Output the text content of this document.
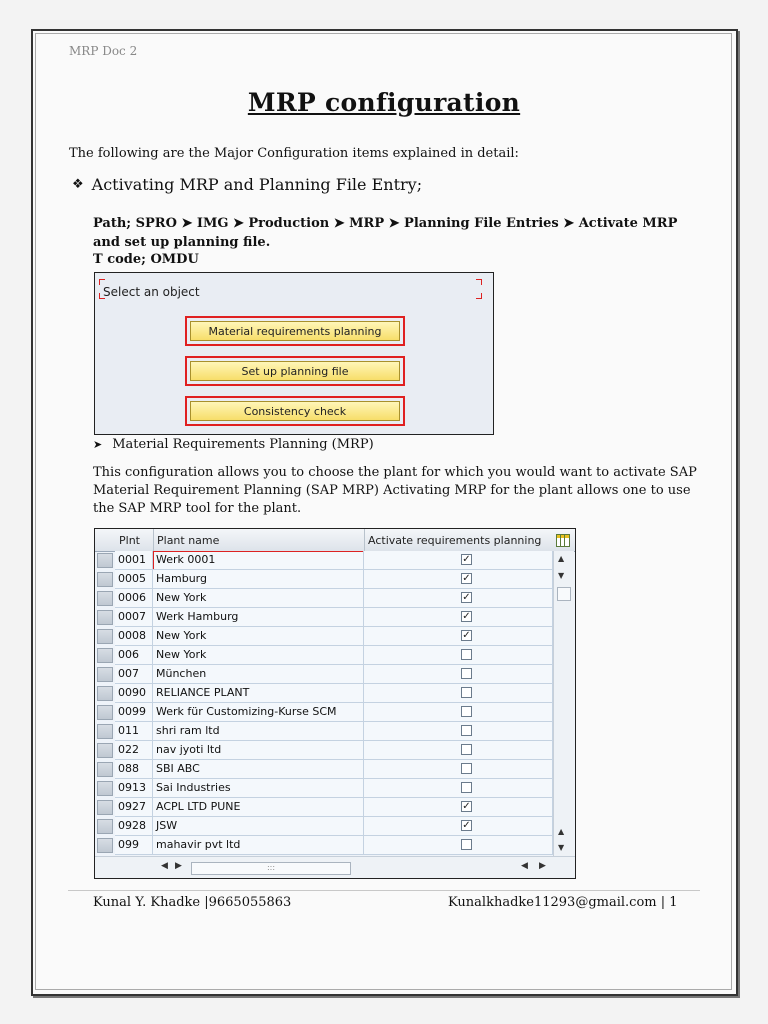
MRP Doc 2
MRP configuration
The following are the Major Configuration items explained in detail:
❖ Activating MRP and Planning File Entry;
Path; SPRO ➤ IMG ➤ Production ➤ MRP ➤ Planning File Entries ➤ Activate MRP and set up planning file.
T code; OMDU
Select an object
Material requirements planning
Set up planning file
Consistency check
➤ Material Requirements Planning (MRP)
This configuration allows you to choose the plant for which you would want to activate SAP Material Requirement Planning (SAP MRP) Activating MRP for the plant allows one to use the SAP MRP tool for the plant.
Plnt Plant name	Activate requirements planning
0001 Werk 0001	✓
0005 Hamburg	✓
0006 New York	✓
0007 Werk Hamburg	✓
0008 New York	✓
006	New York
007	München
0090 RELIANCE PLANT
0099 Werk für Customizing-Kurse SCM
011	shri ram ltd
022	nav jyoti ltd
088	SBI ABC
0913 Sai Industries
0927 ACPL LTD PUNE	✓
0928 JSW	✓
099	mahavir pvt ltd
▲
▼
▲
▼
◀ ▶	:::	◀ ▶
Kunal Y. Khadke |9665055863	Kunalkhadke11293@gmail.com | 1
